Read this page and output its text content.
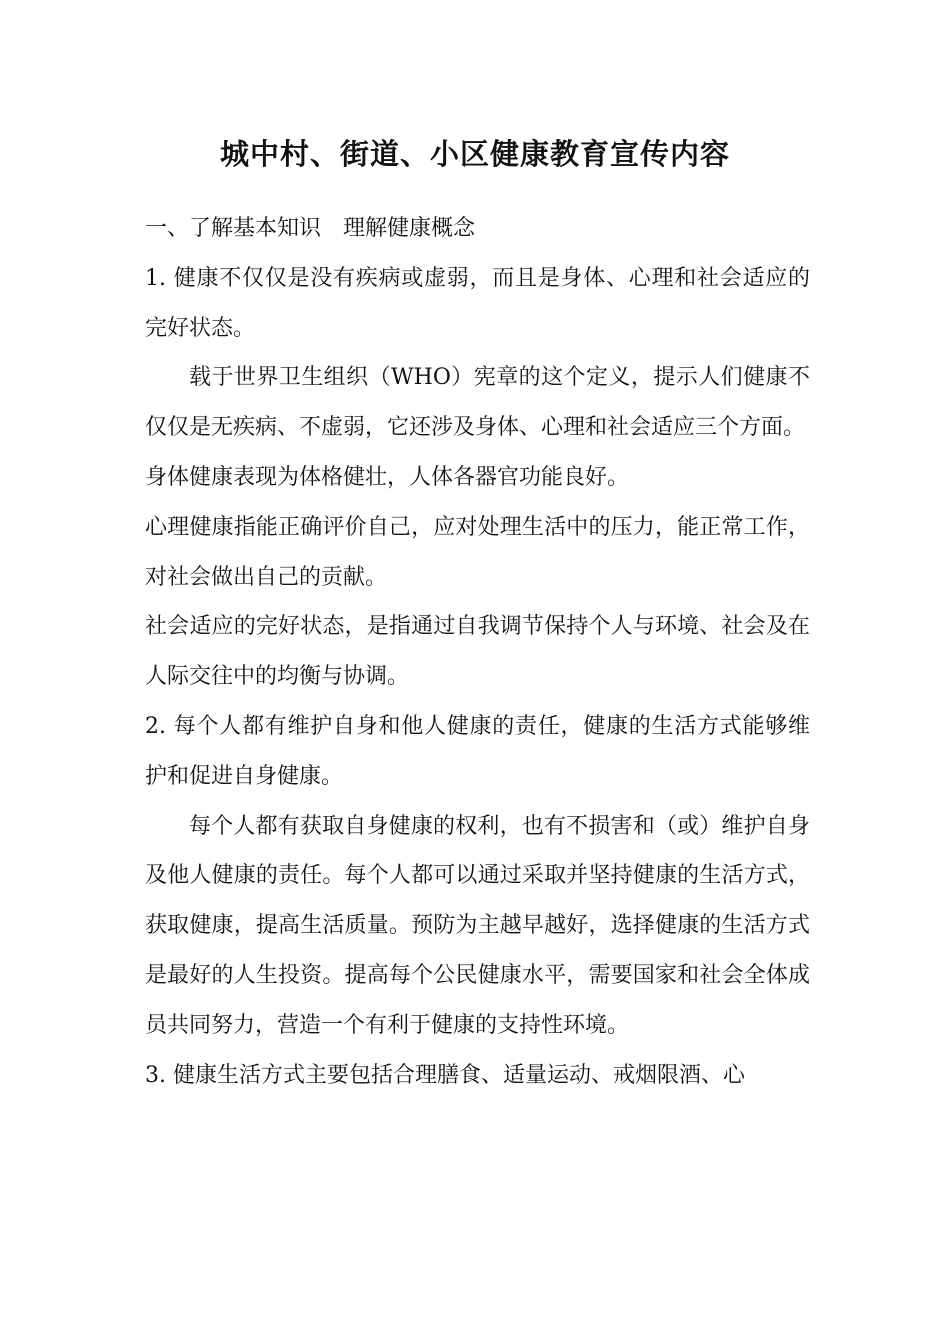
城中村、街道、小区健康教育宣传内容

一、了解基本知识　理解健康概念

1. 健康不仅仅是没有疾病或虚弱，而且是身体、心理和社会适应的完好状态。

载于世界卫生组织（WHO）宪章的这个定义，提示人们健康不仅仅是无疾病、不虚弱，它还涉及身体、心理和社会适应三个方面。

身体健康表现为体格健壮，人体各器官功能良好。

心理健康指能正确评价自己，应对处理生活中的压力，能正常工作，对社会做出自己的贡献。

社会适应的完好状态，是指通过自我调节保持个人与环境、社会及在人际交往中的均衡与协调。

2. 每个人都有维护自身和他人健康的责任，健康的生活方式能够维护和促进自身健康。

每个人都有获取自身健康的权利，也有不损害和（或）维护自身及他人健康的责任。每个人都可以通过采取并坚持健康的生活方式，获取健康，提高生活质量。预防为主越早越好，选择健康的生活方式是最好的人生投资。提高每个公民健康水平，需要国家和社会全体成员共同努力，营造一个有利于健康的支持性环境。

3. 健康生活方式主要包括合理膳食、适量运动、戒烟限酒、心
